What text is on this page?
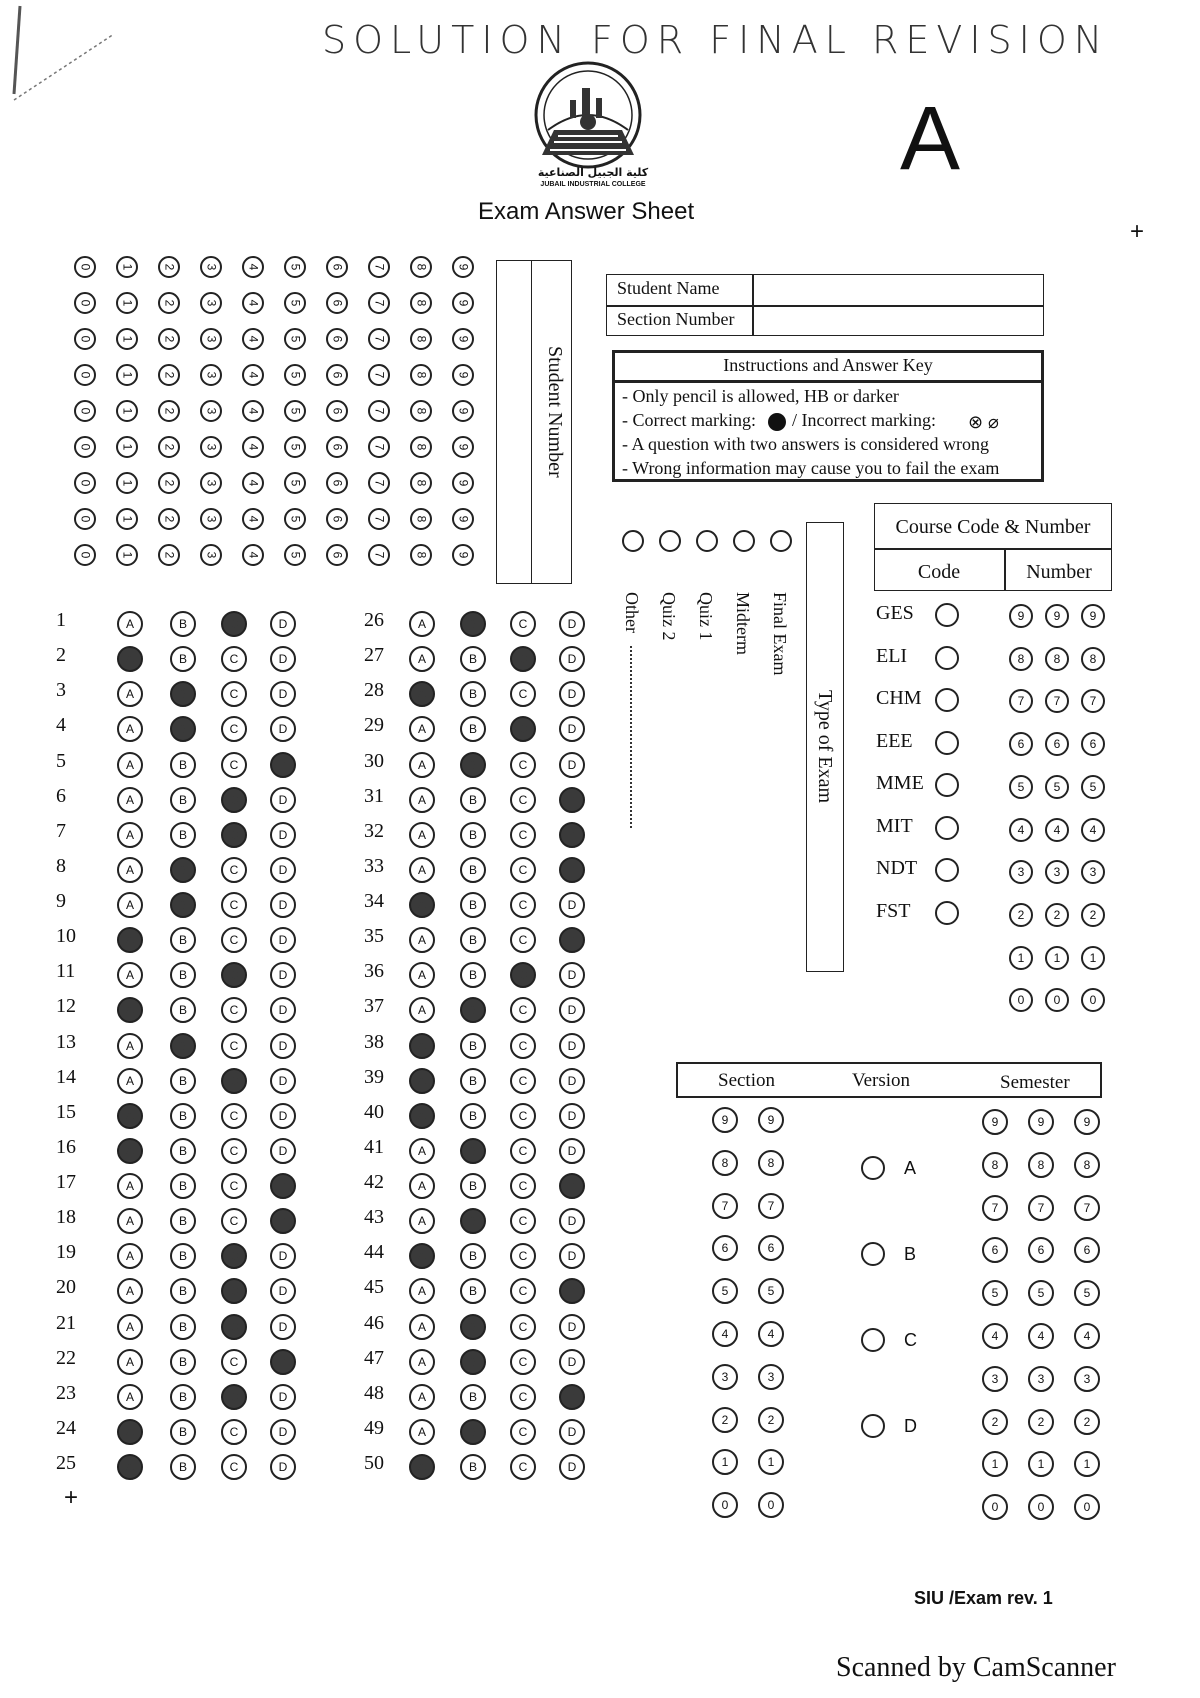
SOLUTION FOR FINAL REVISION
كلية الجبيل الصناعية
JUBAIL INDUSTRIAL COLLEGE
Exam Answer Sheet
A
+
0 1 2 3 4 5 6 7 8 9
0 1 2 3 4 5 6 7 8 9
0 1 2 3 4 5 6 7 8 9
0 1 2 3 4 5 6 7 8 9
0 1 2 3 4 5 6 7 8 9
0 1 2 3 4 5 6 7 8 9
0 1 2 3 4 5 6 7 8 9
0 1 2 3 4 5 6 7 8 9
0 1 2 3 4 5 6 7 8 9
Student Number
Student Name
Section Number
Instructions and Answer Key
- Only pencil is allowed, HB or darker
- Correct marking: / Incorrect marking: ⊗ ⌀
- A question with two answers is considered wrong
- Wrong information may cause you to fail the exam
Final Exam
Midterm
Quiz 1
Quiz 2
Other
Type of Exam
Course Code & Number
Code	Number
GES
ELI
CHM
EEE
MME
MIT
NDT
FST
9 9 9
8 8 8
7 7 7
6 6 6
5 5 5
4 4 4
3 3 3
2 2 2
1 1 1
0 0 0
1	A	B	C	D
2	A	B	C	D
3	A	B	C	D
4	A	B	C	D
5	A	B	C	D
6	A	B	C	D
7	A	B	C	D
8	A	B	C	D
9	A	B	C	D
10	A	B	C	D
11	A	B	C	D
12	A	B	C	D
13	A	B	C	D
14	A	B	C	D
15	A	B	C	D
16	A	B	C	D
17	A	B	C	D
18	A	B	C	D
19	A	B	C	D
20	A	B	C	D
21	A	B	C	D
22	A	B	C	D
23	A	B	C	D
24	A	B	C	D
25	A	B	C	D
26	A	B	C	D
27	A	B	C	D
28	A	B	C	D
29	A	B	C	D
30	A	B	C	D
31	A	B	C	D
32	A	B	C	D
33	A	B	C	D
34	A	B	C	D
35	A	B	C	D
36	A	B	C	D
37	A	B	C	D
38	A	B	C	D
39	A	B	C	D
40	A	B	C	D
41	A	B	C	D
42	A	B	C	D
43	A	B	C	D
44	A	B	C	D
45	A	B	C	D
46	A	B	C	D
47	A	B	C	D
48	A	B	C	D
49	A	B	C	D
50	A	B	C	D
+
Section	Version	Semester
9	9	9	9	9
8	8	8	8	8
7	7	7	7	7
6	6	6	6	6
5	5	5	5	5
4	4	4	4	4
3	3	3	3	3
2	2	2	2	2
1	1	1	1	1
0	0	0	0	0
A
B
C
D
SIU /Exam rev. 1
Scanned by CamScanner
